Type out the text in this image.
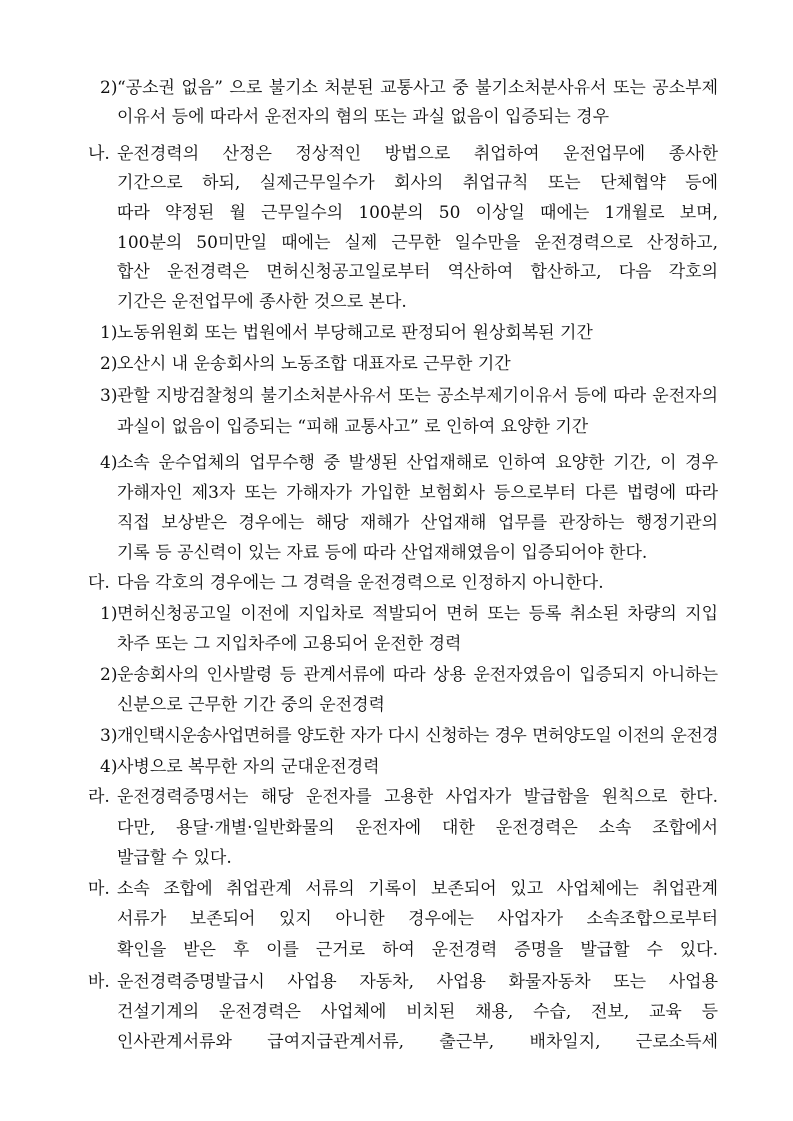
2) “공소권 없음” 으로 불기소 처분된 교통사고 중 불기소처분사유서 또는 공소부제
이유서 등에 따라서 운전자의 혐의 또는 과실 없음이 입증되는 경우
나. 운전경력의 산정은 정상적인 방법으로 취업하여 운전업무에 종사한
기간으로 하되, 실제근무일수가 회사의 취업규칙 또는 단체협약 등에
따라 약정된 월 근무일수의 100분의 50 이상일 때에는 1개월로 보며,
100분의 50미만일 때에는 실제 근무한 일수만을 운전경력으로 산정하고,
합산 운전경력은 면허신청공고일로부터 역산하여 합산하고, 다음 각호의
기간은 운전업무에 종사한 것으로 본다.
1) 노동위원회 또는 법원에서 부당해고로 판정되어 원상회복된 기간
2) 오산시 내 운송회사의 노동조합 대표자로 근무한 기간
3) 관할 지방검찰청의 불기소처분사유서 또는 공소부제기이유서 등에 따라 운전자의
과실이 없음이 입증되는 “피해 교통사고” 로 인하여 요양한 기간
4) 소속 운수업체의 업무수행 중 발생된 산업재해로 인하여 요양한 기간, 이 경우
가해자인 제3자 또는 가해자가 가입한 보험회사 등으로부터 다른 법령에 따라
직접 보상받은 경우에는 해당 재해가 산업재해 업무를 관장하는 행정기관의
기록 등 공신력이 있는 자료 등에 따라 산업재해였음이 입증되어야 한다.
다. 다음 각호의 경우에는 그 경력을 운전경력으로 인정하지 아니한다.
1) 면허신청공고일 이전에 지입차로 적발되어 면허 또는 등록 취소된 차량의 지입
차주 또는 그 지입차주에 고용되어 운전한 경력
2) 운송회사의 인사발령 등 관계서류에 따라 상용 운전자였음이 입증되지 아니하는
신분으로 근무한 기간 중의 운전경력
3) 개인택시운송사업면허를 양도한 자가 다시 신청하는 경우 면허양도일 이전의 운전경
4) 사병으로 복무한 자의 군대운전경력
라. 운전경력증명서는 해당 운전자를 고용한 사업자가 발급함을 원칙으로 한다.
다만, 용달·개별·일반화물의 운전자에 대한 운전경력은 소속 조합에서
발급할 수 있다.
마. 소속 조합에 취업관계 서류의 기록이 보존되어 있고 사업체에는 취업관계
서류가 보존되어 있지 아니한 경우에는 사업자가 소속조합으로부터
확인을 받은 후 이를 근거로 하여 운전경력 증명을 발급할 수 있다.
바. 운전경력증명발급시 사업용 자동차, 사업용 화물자동차 또는 사업용
건설기계의 운전경력은 사업체에 비치된 채용, 수습, 전보, 교육 등
인사관계서류와 급여지급관계서류, 출근부, 배차일지, 근로소득세
